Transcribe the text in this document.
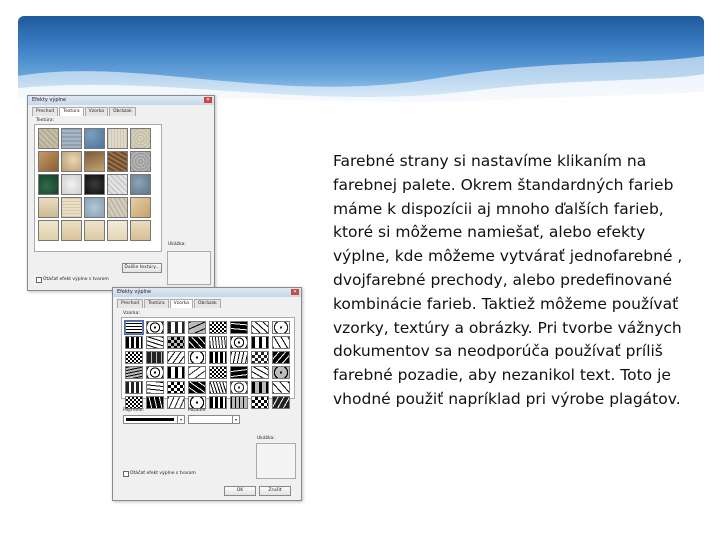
Efekty výplne	✕
Prechod	Textúra	Vzorka	Obrázok
Textúra:
Ukážka:
Ďalšie textúry...
Otáčať efekt výplne s tvarom
Efekty výplne	✕
Prechod	Textúra	Vzorka	Obrázok
Vzorka:
Popredie:
▾
Pozadie:
▾
Ukážka:
Otáčať efekt výplne s tvarom
OK	Zrušiť
Farebné strany si nastavíme klikaním na farebnej palete. Okrem štandardných farieb máme k dispozícii aj mnoho ďalších farieb, ktoré si môžeme namiešať, alebo efekty výplne, kde môžeme vytvárať jednofarebné , dvojfarebné prechody, alebo predefinované kombinácie farieb. Taktiež môžeme používať vzorky, textúry a obrázky. Pri tvorbe vážnych dokumentov sa neodporúča používať príliš farebné pozadie, aby nezanikol text. Toto je vhodné použiť napríklad pri výrobe plagátov.
